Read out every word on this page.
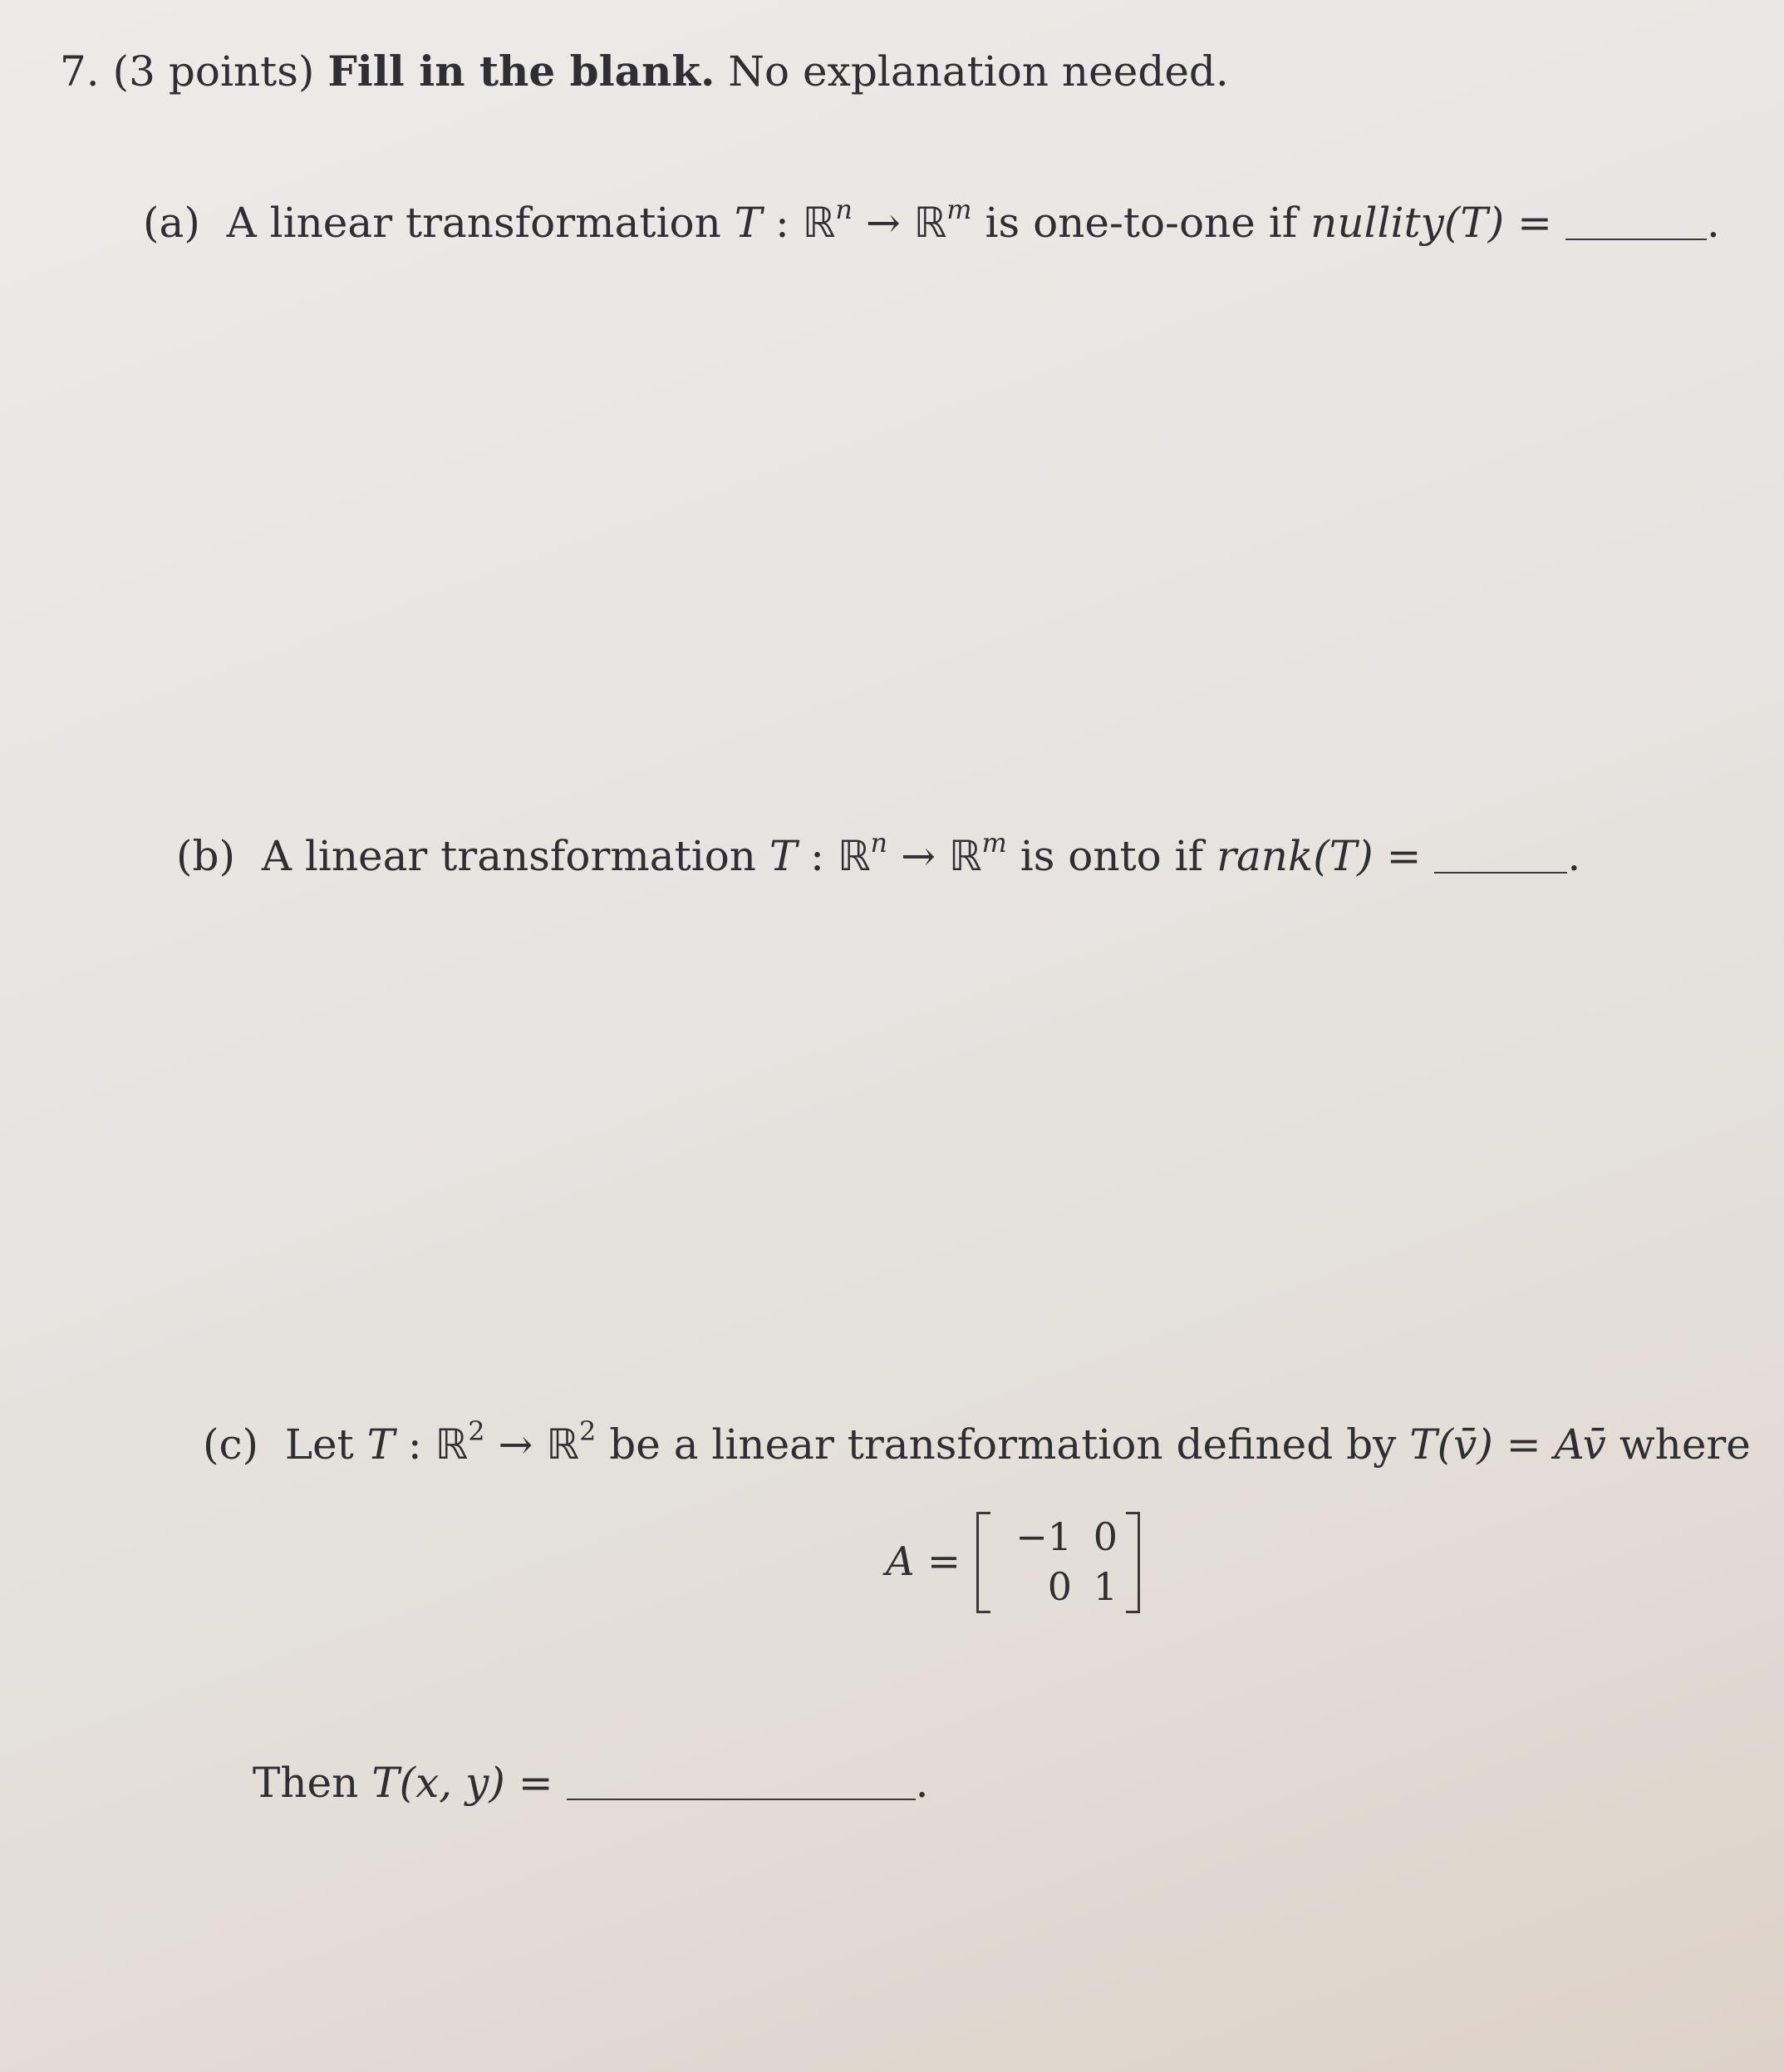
7. (3 points) Fill in the blank. No explanation needed.
(a) A linear transformation T : ℝ$^n$ → ℝ$^m$ is one-to-one if nullity(T) =	.
(b) A linear transformation T : ℝ$^n$ → ℝ$^m$ is onto if rank(T) =	.
(c) Let T : ℝ$^2$ → ℝ$^2$ be a linear transformation defined by T(v̄) = Av̄ where
A =
−1 0
0 1
Then T(x, y) =	.
